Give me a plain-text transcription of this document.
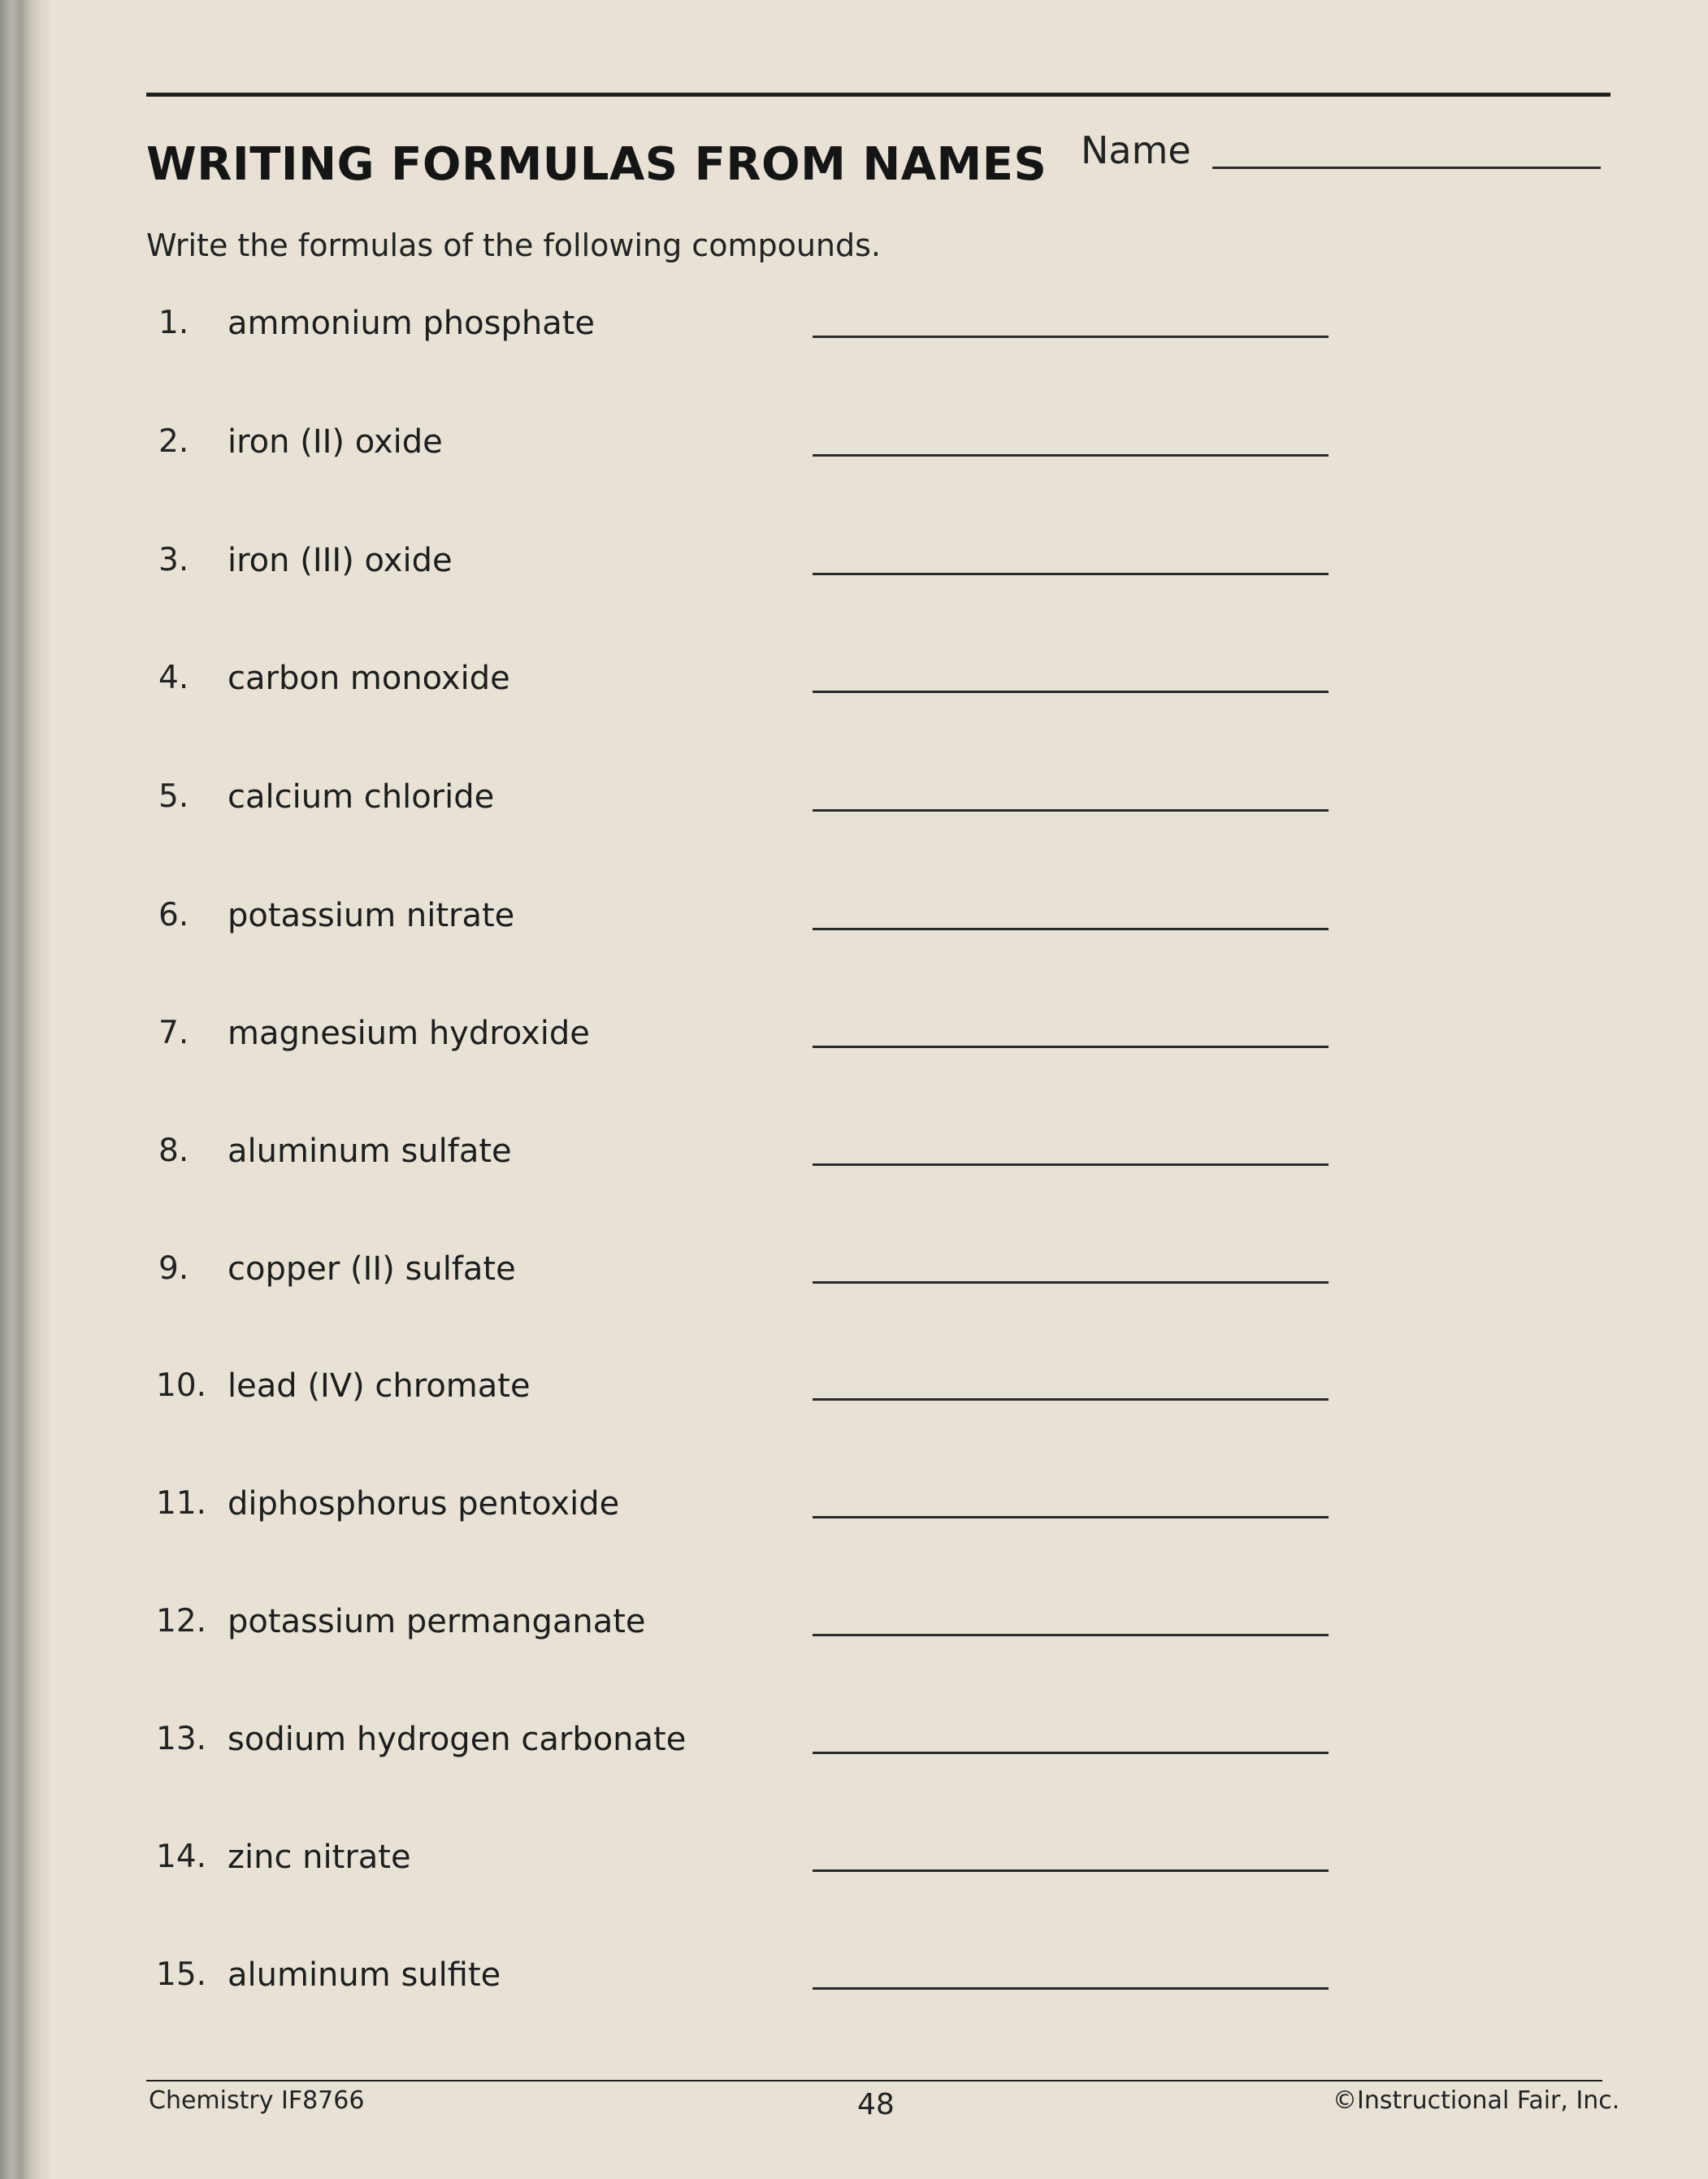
WRITING FORMULAS FROM NAMES Name
Write the formulas of the following compounds.
1. ammonium phosphate
2. iron (II) oxide
3. iron (III) oxide
4. carbon monoxide
5. calcium chloride
6. potassium nitrate
7. magnesium hydroxide
8. aluminum sulfate
9. copper (II) sulfate
10. lead (IV) chromate
11. diphosphorus pentoxide
12. potassium permanganate
13. sodium hydrogen carbonate
14. zinc nitrate
15. aluminum sulfite
Chemistry IF8766	48	©Instructional Fair, Inc.
